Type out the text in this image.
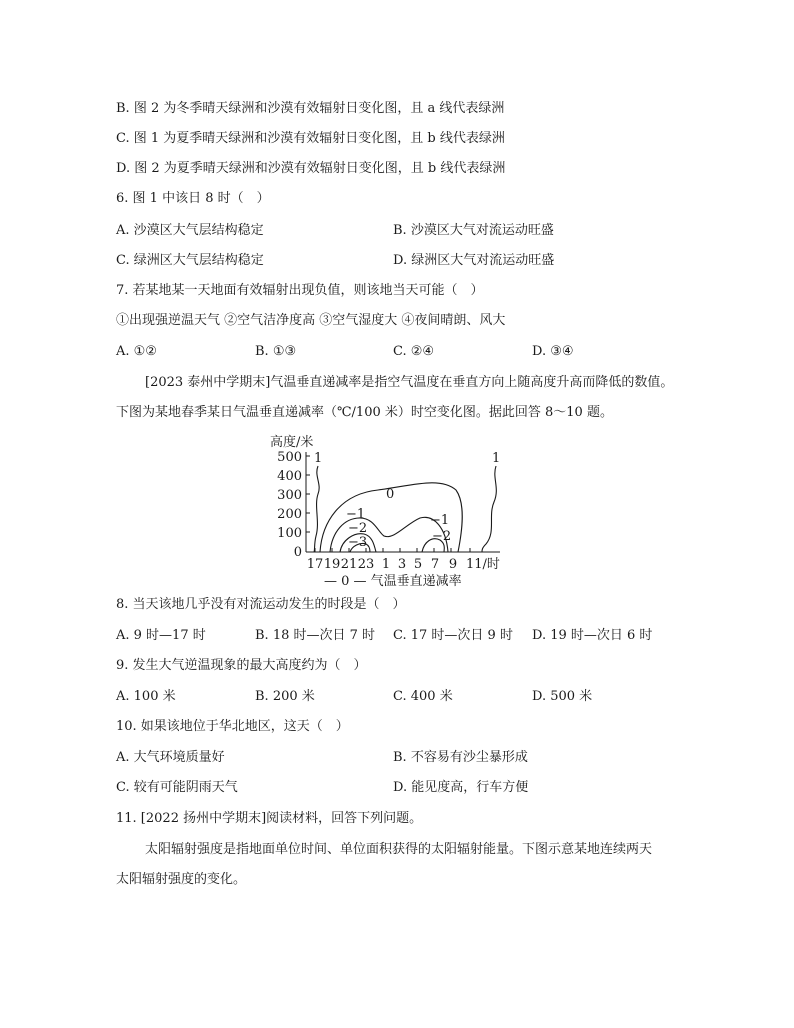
B. 图 2 为冬季晴天绿洲和沙漠有效辐射日变化图，且 a 线代表绿洲
C. 图 1 为夏季晴天绿洲和沙漠有效辐射日变化图，且 b 线代表绿洲
D. 图 2 为夏季晴天绿洲和沙漠有效辐射日变化图，且 b 线代表绿洲
6. 图 1 中该日 8 时（　）
A. 沙漠区大气层结构稳定	B. 沙漠区大气对流运动旺盛
C. 绿洲区大气层结构稳定	D. 绿洲区大气对流运动旺盛
7. 若某地某一天地面有效辐射出现负值，则该地当天可能（　）
①出现强逆温天气 ②空气洁净度高 ③空气湿度大 ④夜间晴朗、风大
A. ①②	B. ①③	C. ②④	D. ③④
[2023 泰州中学期末]气温垂直递减率是指空气温度在垂直方向上随高度升高而降低的数值。
下图为某地春季某日气温垂直递减率（℃/100 米）时空变化图。据此回答 8～10 题。
高度/米
500
400
300
200
100
0
17 19 21 23 1 3 5 7 9 11/时
1
0
−1
−2
−3
−1
−2
1
— 0 — 气温垂直递减率
8. 当天该地几乎没有对流运动发生的时段是（　）
A. 9 时—17 时	B. 18 时—次日 7 时 C. 17 时—次日 9 时 D. 19 时—次日 6 时
9. 发生大气逆温现象的最大高度约为（　）
A. 100 米	B. 200 米	C. 400 米	D. 500 米
10. 如果该地位于华北地区，这天（　）
A. 大气环境质量好	B. 不容易有沙尘暴形成
C. 较有可能阴雨天气	D. 能见度高，行车方便
11. [2022 扬州中学期末]阅读材料，回答下列问题。
太阳辐射强度是指地面单位时间、单位面积获得的太阳辐射能量。下图示意某地连续两天
太阳辐射强度的变化。
